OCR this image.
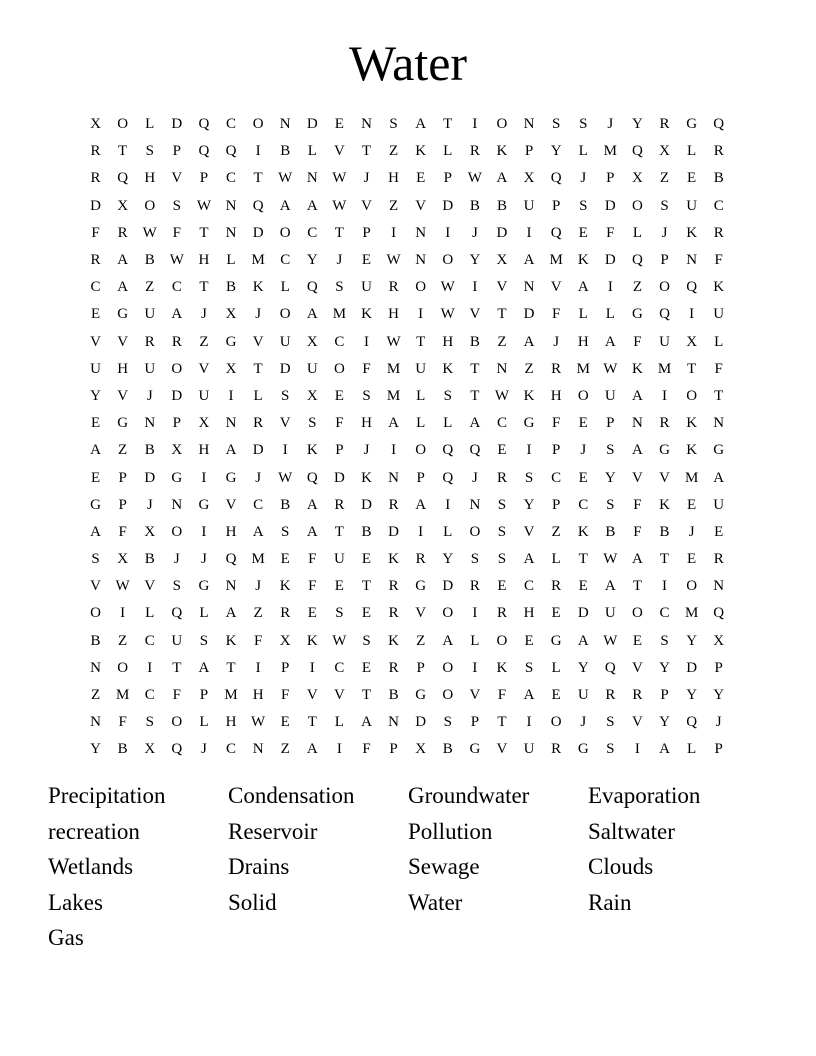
Water
X	O	L	D	Q	C	O	N	D	E	N	S	A	T	I	O	N	S	S	J	Y	R	G	Q
R	T	S	P	Q	Q	I	B	L	V	T	Z	K	L	R	K	P	Y	L	M	Q	X	L	R
R	Q	H	V	P	C	T	W N W	J	H	E	P	W A	X	Q	J	P	X	Z	E	B
D	X	O	S	W N	Q	A	A W V	Z	V	D	B	B	U	P	S	D	O	S	U	C
F	R	W	F	T	N	D	O	C	T	P	I	N	I	J	D	I	Q	E	F	L	J	K	R
R	A	B	W H	L	M	C	Y	J	E	W N	O	Y	X	A	M	K	D	Q	P	N	F
C	A	Z	C	T	B	K	L	Q	S	U	R	O W	I	V	N	V	A	I	Z	O	Q	K
E	G	U	A	J	X	J	O	A	M	K	H	I	W V	T	D	F	L	L	G	Q	I	U
V	V	R	R	Z	G	V	U	X	C	I	W	T	H	B	Z	A	J	H	A	F	U	X	L
U	H	U	O	V	X	T	D	U	O	F	M	U	K	T	N	Z	R	M W K	M	T	F
Y	V	J	D	U	I	L	S	X	E	S	M	L	S	T	W K	H	O	U	A	I	O	T
E	G	N	P	X	N	R	V	S	F	H	A	L	L	A	C	G	F	E	P	N	R	K	N
A	Z	B	X	H	A	D	I	K	P	J	I	O	Q	Q	E	I	P	J	S	A	G	K	G
E	P	D	G	I	G	J	W Q	D	K	N	P	Q	J	R	S	C	E	Y	V	V	M	A
G	P	J	N	G	V	C	B	A	R	D	R	A	I	N	S	Y	P	C	S	F	K	E	U
A	F	X	O	I	H	A	S	A	T	B	D	I	L	O	S	V	Z	K	B	F	B	J	E
S	X	B	J	J	Q	M	E	F	U	E	K	R	Y	S	S	A	L	T	W A	T	E	R
V W V	S	G	N	J	K	F	E	T	R	G	D	R	E	C	R	E	A	T	I	O	N
O	I	L	Q	L	A	Z	R	E	S	E	R	V	O	I	R	H	E	D	U	O	C	M	Q
B	Z	C	U	S	K	F	X	K W	S	K	Z	A	L	O	E	G	A W	E	S	Y	X
N	O	I	T	A	T	I	P	I	C	E	R	P	O	I	K	S	L	Y	Q	V	Y	D	P
Z	M	C	F	P	M	H	F	V	V	T	B	G	O	V	F	A	E	U	R	R	P	Y	Y
N	F	S	O	L	H W	E	T	L	A	N	D	S	P	T	I	O	J	S	V	Y	Q	J
Y	B	X	Q	J	C	N	Z	A	I	F	P	X	B	G	V	U	R	G	S	I	A	L	P
Precipitation	Condensation	Groundwater	Evaporation
recreation	Reservoir	Pollution	Saltwater
Wetlands	Drains	Sewage	Clouds
Lakes	Solid	Water	Rain
Gas
